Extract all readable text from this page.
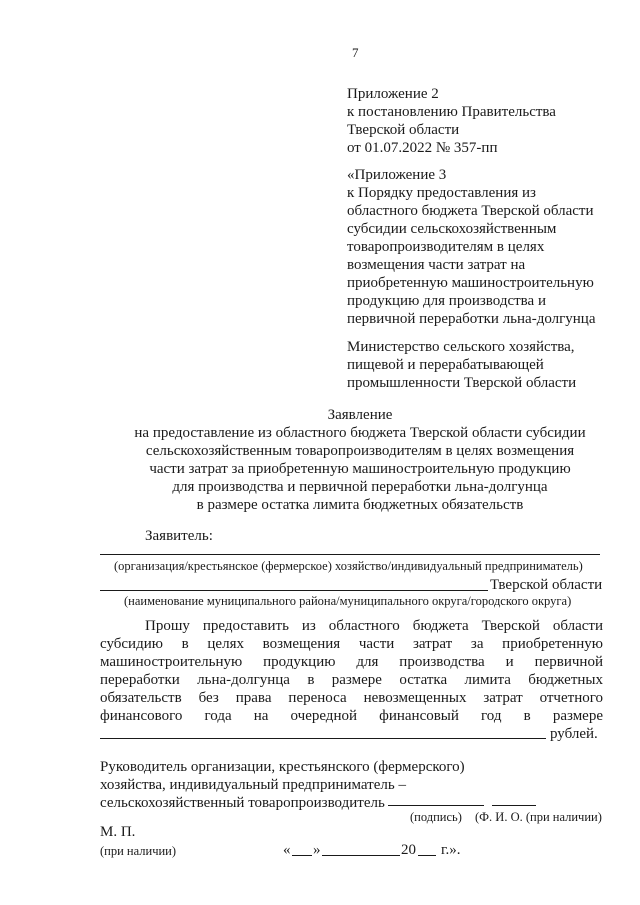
7
Приложение 2
к постановлению Правительства
Тверской области
от 01.07.2022 № 357-пп
«Приложение 3
к Порядку предоставления из
областного бюджета Тверской области
субсидии сельскохозяйственным
товаропроизводителям в целях
возмещения части затрат на
приобретенную машиностроительную
продукцию для производства и
первичной переработки льна-долгунца
Министерство сельского хозяйства,
пищевой и перерабатывающей
промышленности Тверской области
Заявление
на предоставление из областного бюджета Тверской области субсидии
сельскохозяйственным товаропроизводителям в целях возмещения
части затрат за приобретенную машиностроительную продукцию
для производства и первичной переработки льна-долгунца
в размере остатка лимита бюджетных обязательств
Заявитель:
(организация/крестьянское (фермерское) хозяйство/индивидуальный предприниматель)
Тверской области
(наименование муниципального района/муниципального округа/городского округа)
Прошу предоставить из областного бюджета Тверской области
субсидию в целях возмещения части затрат за приобретенную
машиностроительную продукцию для производства и первичной
переработки льна-долгунца в размере остатка лимита бюджетных
обязательств без права переноса невозмещенных затрат отчетного
финансового года на очередной финансовый год в размере
рублей.
Руководитель организации, крестьянского (фермерского)
хозяйства, индивидуальный предприниматель –
сельскохозяйственный товаропроизводитель
(подпись) (Ф. И. О. (при наличии)
М. П.
(при наличии)	« »	20 г.».
